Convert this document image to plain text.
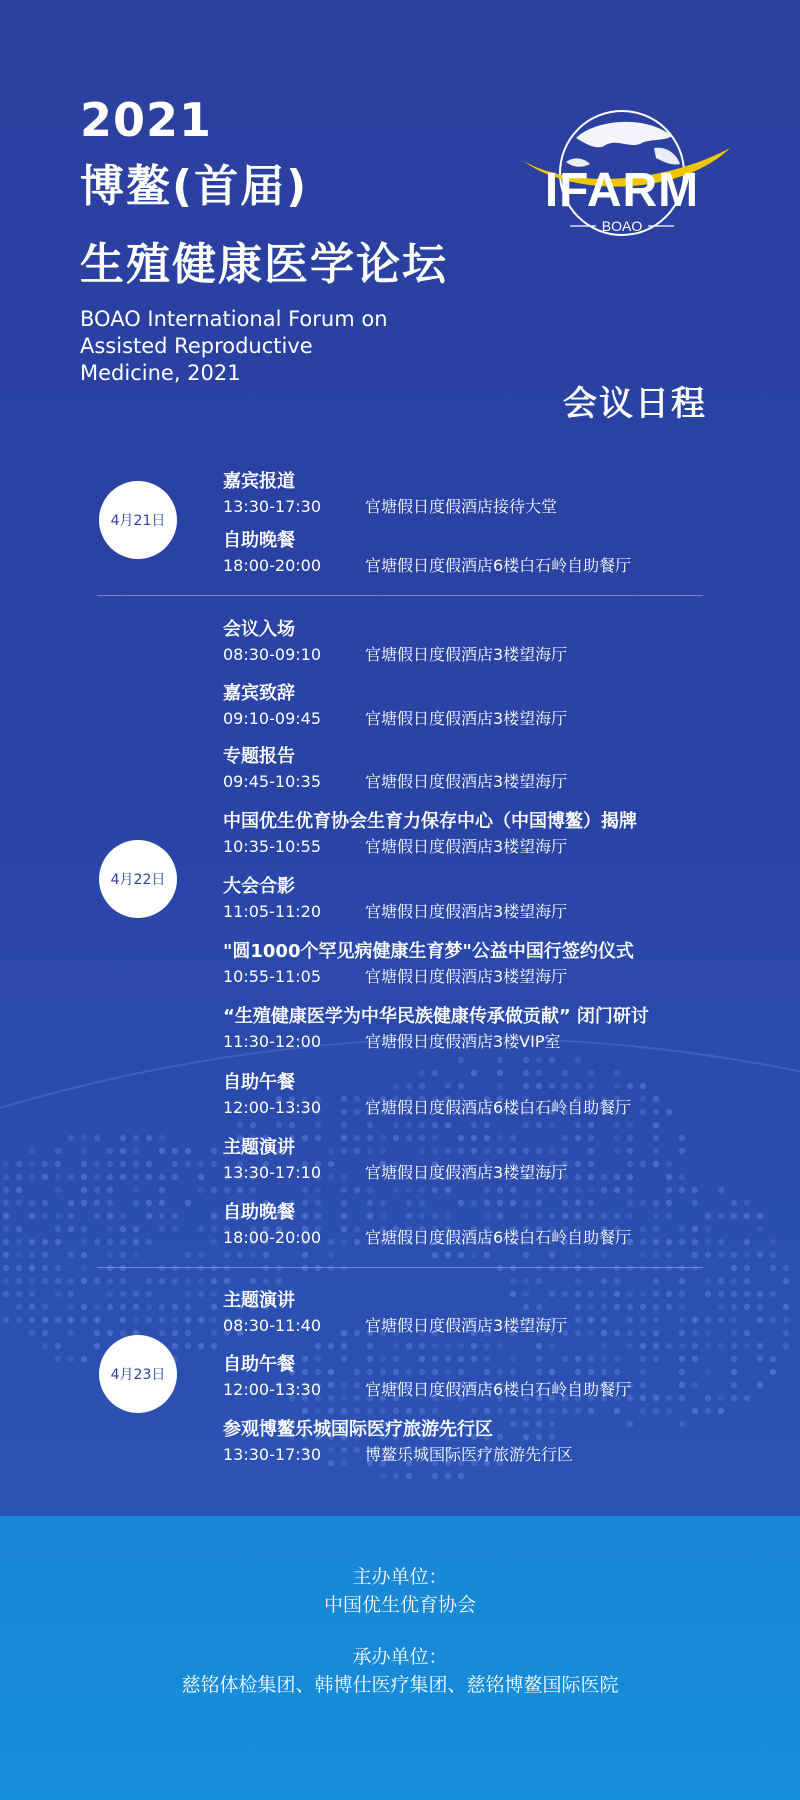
2021
博鳌(首届)
生殖健康医学论坛
BOAO International Forum on
Assisted Reproductive
Medicine, 2021
IFARM
BOAO
会议日程
4月21日
嘉宾报道
13:30-17:30	官塘假日度假酒店接待大堂
自助晚餐
18:00-20:00	官塘假日度假酒店6楼白石岭自助餐厅
4月22日
会议入场
08:30-09:10	官塘假日度假酒店3楼望海厅
嘉宾致辞
09:10-09:45	官塘假日度假酒店3楼望海厅
专题报告
09:45-10:35	官塘假日度假酒店3楼望海厅
中国优生优育协会生育力保存中心（中国博鳌）揭牌
10:35-10:55	官塘假日度假酒店3楼望海厅
大会合影
11:05-11:20	官塘假日度假酒店3楼望海厅
"圆1000个罕见病健康生育梦"公益中国行签约仪式
10:55-11:05	官塘假日度假酒店3楼望海厅
“生殖健康医学为中华民族健康传承做贡献” 闭门研讨
11:30-12:00	官塘假日度假酒店3楼VIP室
自助午餐
12:00-13:30	官塘假日度假酒店6楼白石岭自助餐厅
主题演讲
13:30-17:10	官塘假日度假酒店3楼望海厅
自助晚餐
18:00-20:00	官塘假日度假酒店6楼白石岭自助餐厅
4月23日
主题演讲
08:30-11:40	官塘假日度假酒店3楼望海厅
自助午餐
12:00-13:30	官塘假日度假酒店6楼白石岭自助餐厅
参观博鳌乐城国际医疗旅游先行区
13:30-17:30	博鳌乐城国际医疗旅游先行区
主办单位：
中国优生优育协会
承办单位：
慈铭体检集团、韩博仕医疗集团、慈铭博鳌国际医院
